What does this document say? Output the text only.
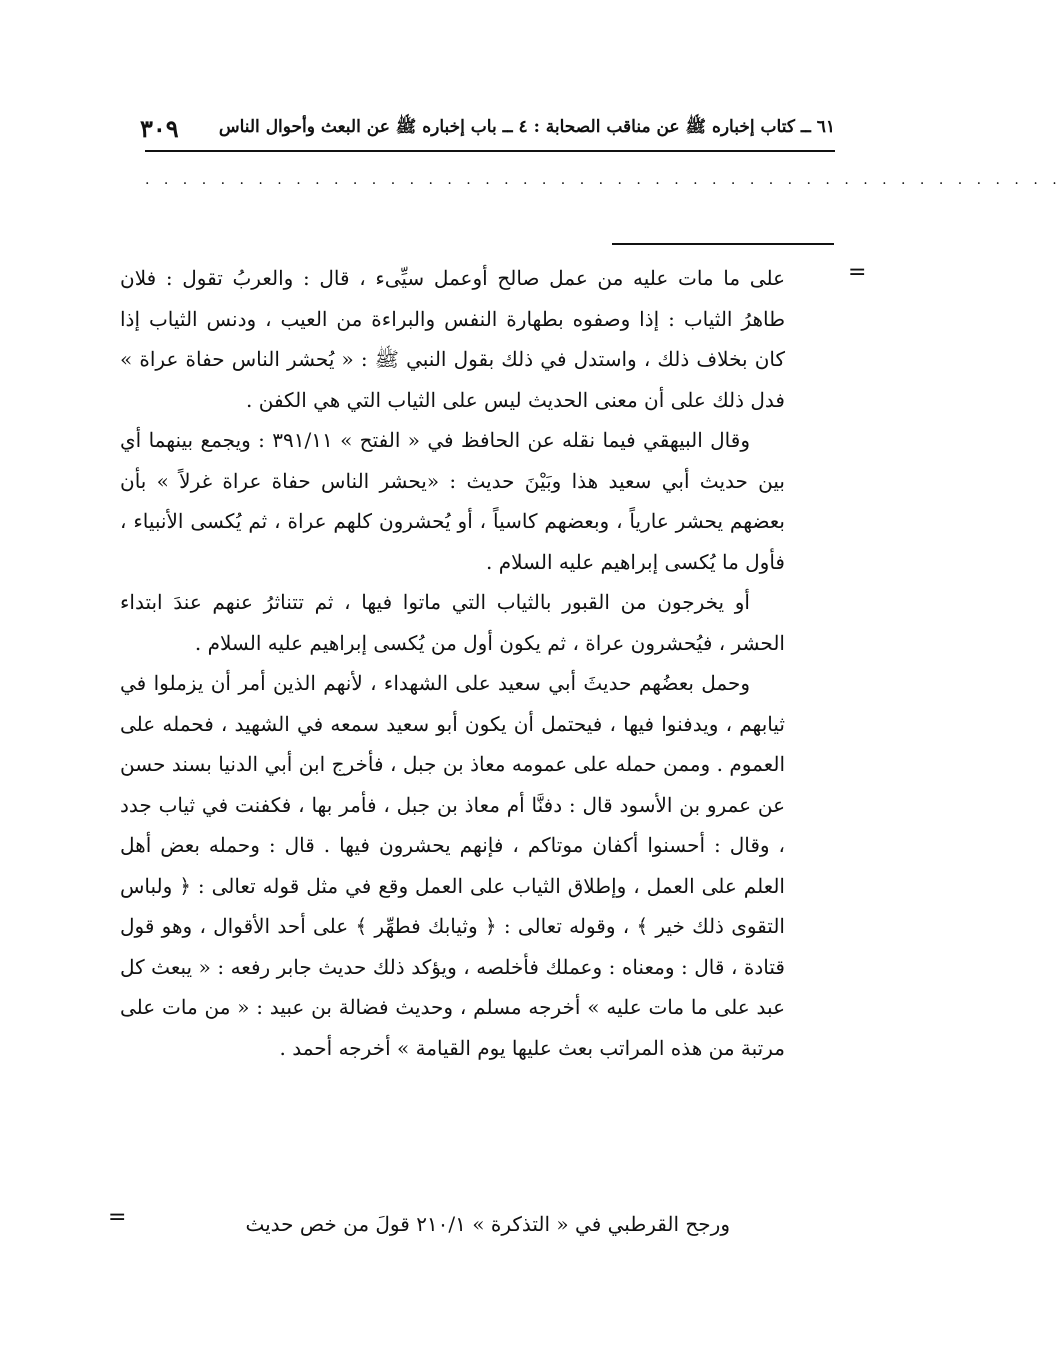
٦١ ــ كتاب إخباره ﷺ عن مناقب الصحابة : ٤ ــ باب إخباره ﷺ عن البعث وأحوال الناس
٣٠٩
. . . . . . . . . . . . . . . . . . . . . . . . . . . . . . . . . . . . . . . . . . . . . . . . .
=

على ما مات عليه من عمل صالح أوعمل سيِّىء ، قال : والعربُ تقول : فلان طاهرُ الثياب : إذا وصفوه بطهارة النفس والبراءة من العيب ، ودنس الثياب إذا كان بخلاف ذلك ، واستدل في ذلك بقول النبي ﷺ : « يُحشر الناس حفاة عراة » فدل ذلك على أن معنى الحديث ليس على الثياب التي هي الكفن .

وقال البيهقي فيما نقله عن الحافظ في « الفتح » ٣٩١/١١ : ويجمع بينهما أي بين حديث أبي سعيد هذا وبَيْنَ حديث : «يحشر الناس حفاة عراة غرلاً » بأن بعضهم يحشر عارياً ، وبعضهم كاسياً ، أو يُحشرون كلهم عراة ، ثم يُكسى الأنبياء ، فأول ما يُكسى إبراهيم عليه السلام .

أو يخرجون من القبور بالثياب التي ماتوا فيها ، ثم تتناثرُ عنهم عندَ ابتداء الحشر ، فيُحشرون عراة ، ثم يكون أول من يُكسى إبراهيم عليه السلام .

وحمل بعضُهم حديثَ أبي سعيد على الشهداء ، لأنهم الذين أمر أن يزملوا في ثيابهم ، ويدفنوا فيها ، فيحتمل أن يكون أبو سعيد سمعه في الشهيد ، فحمله على العموم . وممن حمله على عمومه معاذ بن جبل ، فأخرج ابن أبي الدنيا بسند حسن عن عمرو بن الأسود قال : دفنَّا أم معاذ بن جبل ، فأمر بها ، فكفنت في ثياب جدد ، وقال : أحسنوا أكفان موتاكم ، فإنهم يحشرون فيها . قال : وحمله بعض أهل العلم على العمل ، وإطلاق الثياب على العمل وقع في مثل قوله تعالى : ﴿ ولباس التقوى ذلك خير ﴾ ، وقوله تعالى : ﴿ وثيابك فطهِّر ﴾ على أحد الأقوال ، وهو قول قتادة ، قال : ومعناه : وعملك فأخلصه ، ويؤكد ذلك حديث جابر رفعه : « يبعث كل عبد على ما مات عليه » أخرجه مسلم ، وحديث فضالة بن عبيد : « من مات على مرتبة من هذه المراتب بعث عليها يوم القيامة » أخرجه أحمد .

ورجح القرطبي في « التذكرة » ٢١٠/١ قولَ من خص حديث
=
